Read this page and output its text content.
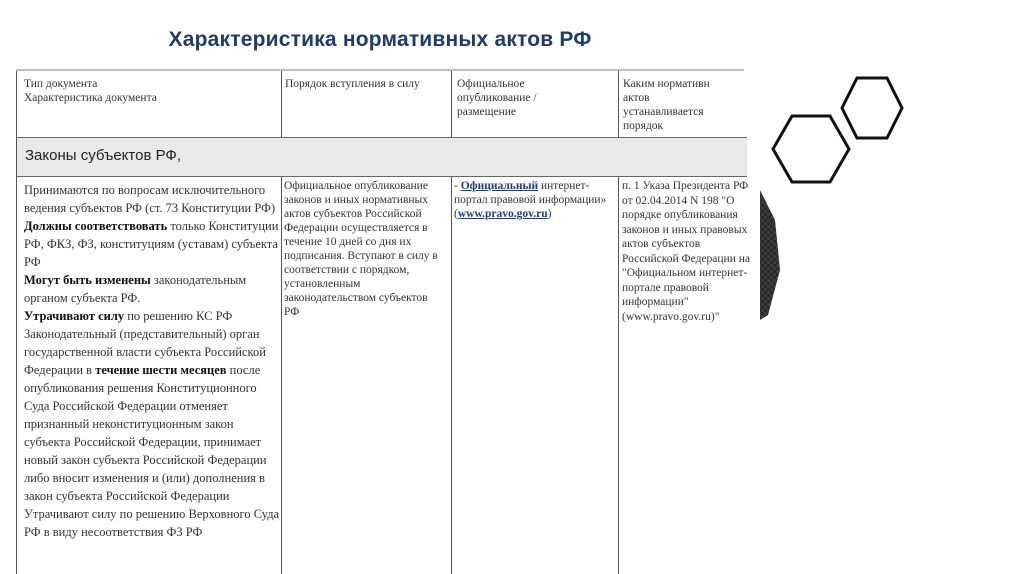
Характеристика нормативных актов РФ
Тип документа
Характеристика документа
Порядок вступления в силу	Официальное
опубликование /
размещение
Каким нормативн
актов
устанавливается
порядок
Законы субъектов РФ,

Принимаются по вопросам исключительного ведения субъектов РФ (ст. 73 Конституции РФ)

Должны соответствовать только Конституции РФ, ФКЗ, ФЗ, конституциям (уставам) субъекта РФ

Могут быть изменены законодательным органом субъекта РФ.

Утрачивают силу по решению КС РФ Законодательный (представительный) орган государственной власти субъекта Российской Федерации в течение шести месяцев после опубликования решения Конституционного Суда Российской Федерации отменяет признанный неконституционным закон субъекта Российской Федерации, принимает новый закон субъекта Российской Федерации либо вносит изменения и (или) дополнения в закон субъекта Российской Федерации

Утрачивают силу по решению Верховного Суда РФ в виду несоответствия ФЗ РФ

Официальное опубликование законов и иных нормативных актов субъектов Российской Федерации осуществляется в течение 10 дней со дня их подписания. Вступают в силу в соответствии с порядком, установленным законодательством субъектов РФ
- Официальный интернет-портал правовой информации» (www.pravo.gov.ru)
п. 1 Указа Президента РФ от 02.04.2014 N 198 "О порядке опубликования законов и иных правовых актов субъектов Российской Федерации на "Официальном интернет-портале правовой информации" (www.pravo.gov.ru)"
